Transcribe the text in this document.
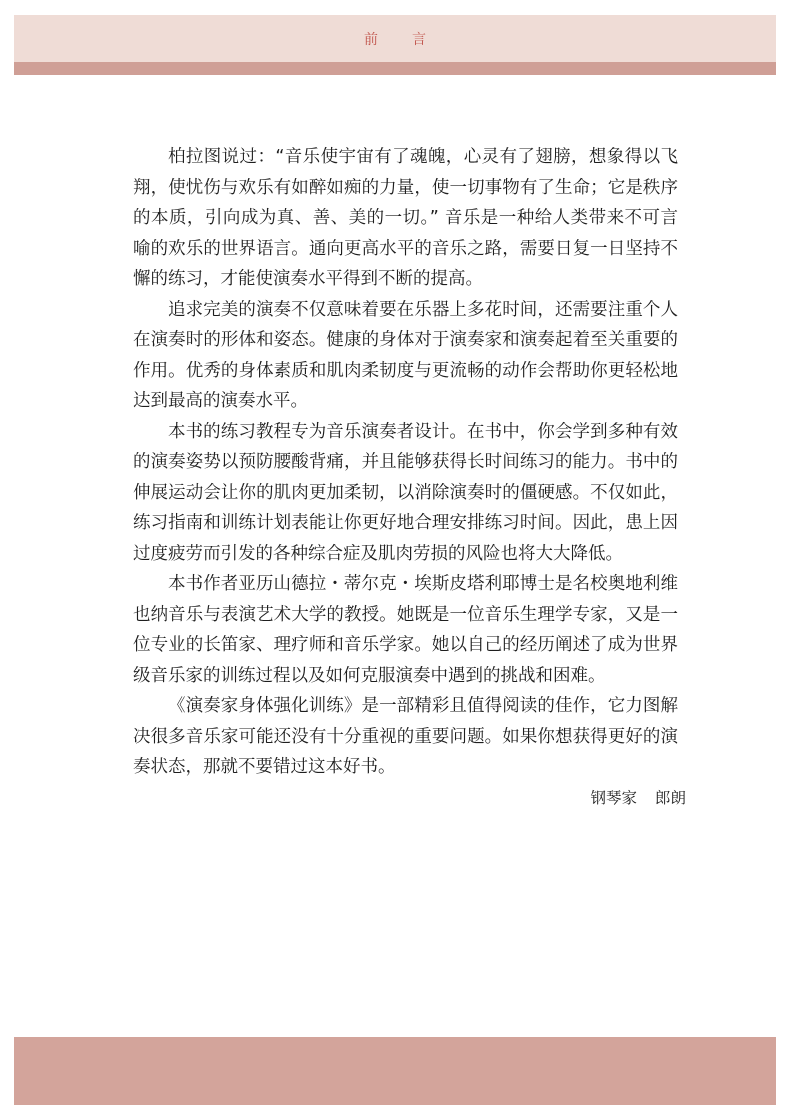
前　言

柏拉图说过：“音乐使宇宙有了魂魄，心灵有了翅膀，想象得以飞翔，使忧伤与欢乐有如醉如痴的力量，使一切事物有了生命；它是秩序的本质，引向成为真、善、美的一切。” 音乐是一种给人类带来不可言喻的欢乐的世界语言。通向更高水平的音乐之路，需要日复一日坚持不懈的练习，才能使演奏水平得到不断的提高。

追求完美的演奏不仅意味着要在乐器上多花时间，还需要注重个人在演奏时的形体和姿态。健康的身体对于演奏家和演奏起着至关重要的作用。优秀的身体素质和肌肉柔韧度与更流畅的动作会帮助你更轻松地达到最高的演奏水平。

本书的练习教程专为音乐演奏者设计。在书中，你会学到多种有效的演奏姿势以预防腰酸背痛，并且能够获得长时间练习的能力。书中的伸展运动会让你的肌肉更加柔韧，以消除演奏时的僵硬感。不仅如此，练习指南和训练计划表能让你更好地合理安排练习时间。因此，患上因过度疲劳而引发的各种综合症及肌肉劳损的风险也将大大降低。

本书作者亚历山德拉・蒂尔克・埃斯皮塔利耶博士是名校奥地利维也纳音乐与表演艺术大学的教授。她既是一位音乐生理学专家，又是一位专业的长笛家、理疗师和音乐学家。她以自己的经历阐述了成为世界级音乐家的训练过程以及如何克服演奏中遇到的挑战和困难。

《演奏家身体强化训练》是一部精彩且值得阅读的佳作，它力图解决很多音乐家可能还没有十分重视的重要问题。如果你想获得更好的演奏状态，那就不要错过这本好书。

钢琴家 郎朗
